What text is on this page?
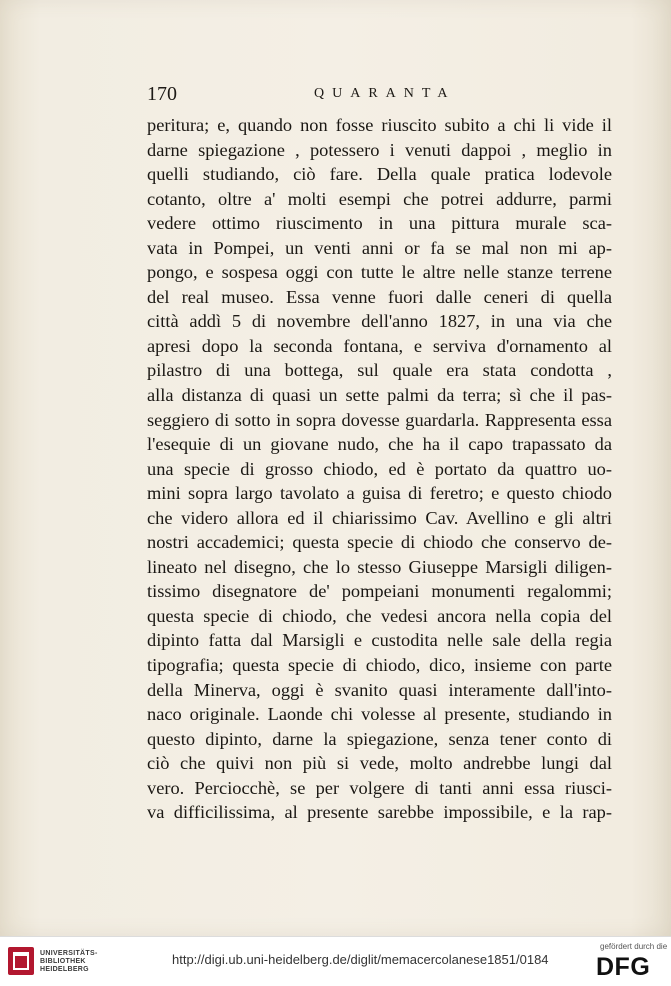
170	QUARANTA
peritura; e, quando non fosse riuscito subito a chi li vide il
darne spiegazione , potessero i venuti dappoi , meglio in
quelli studiando, ciò fare. Della quale pratica lodevole
cotanto, oltre a' molti esempi che potrei addurre, parmi
vedere ottimo riuscimento in una pittura murale sca-
vata in Pompei, un venti anni or fa se mal non mi ap-
pongo, e sospesa oggi con tutte le altre nelle stanze terrene
del real museo. Essa venne fuori dalle ceneri di quella
città addì 5 di novembre dell'anno 1827, in una via che
apresi dopo la seconda fontana, e serviva d'ornamento al
pilastro di una bottega, sul quale era stata condotta ,
alla distanza di quasi un sette palmi da terra; sì che il pas-
seggiero di sotto in sopra dovesse guardarla. Rappresenta essa
l'esequie di un giovane nudo, che ha il capo trapassato da
una specie di grosso chiodo, ed è portato da quattro uo-
mini sopra largo tavolato a guisa di feretro; e questo chiodo
che videro allora ed il chiarissimo Cav. Avellino e gli altri
nostri accademici; questa specie di chiodo che conservo de-
lineato nel disegno, che lo stesso Giuseppe Marsigli diligen-
tissimo disegnatore de' pompeiani monumenti regalommi;
questa specie di chiodo, che vedesi ancora nella copia del
dipinto fatta dal Marsigli e custodita nelle sale della regia
tipografia; questa specie di chiodo, dico, insieme con parte
della Minerva, oggi è svanito quasi interamente dall'into-
naco originale. Laonde chi volesse al presente, studiando in
questo dipinto, darne la spiegazione, senza tener conto di
ciò che quivi non più si vede, molto andrebbe lungi dal
vero. Perciocchè, se per volgere di tanti anni essa riusci-
va difficilissima, al presente sarebbe impossibile, e la rap-
UNIVERSITÄTS-
BIBLIOTHEK
HEIDELBERG
http://digi.ub.uni-heidelberg.de/diglit/memacercolanese1851/0184
gefördert durch die
DFG
